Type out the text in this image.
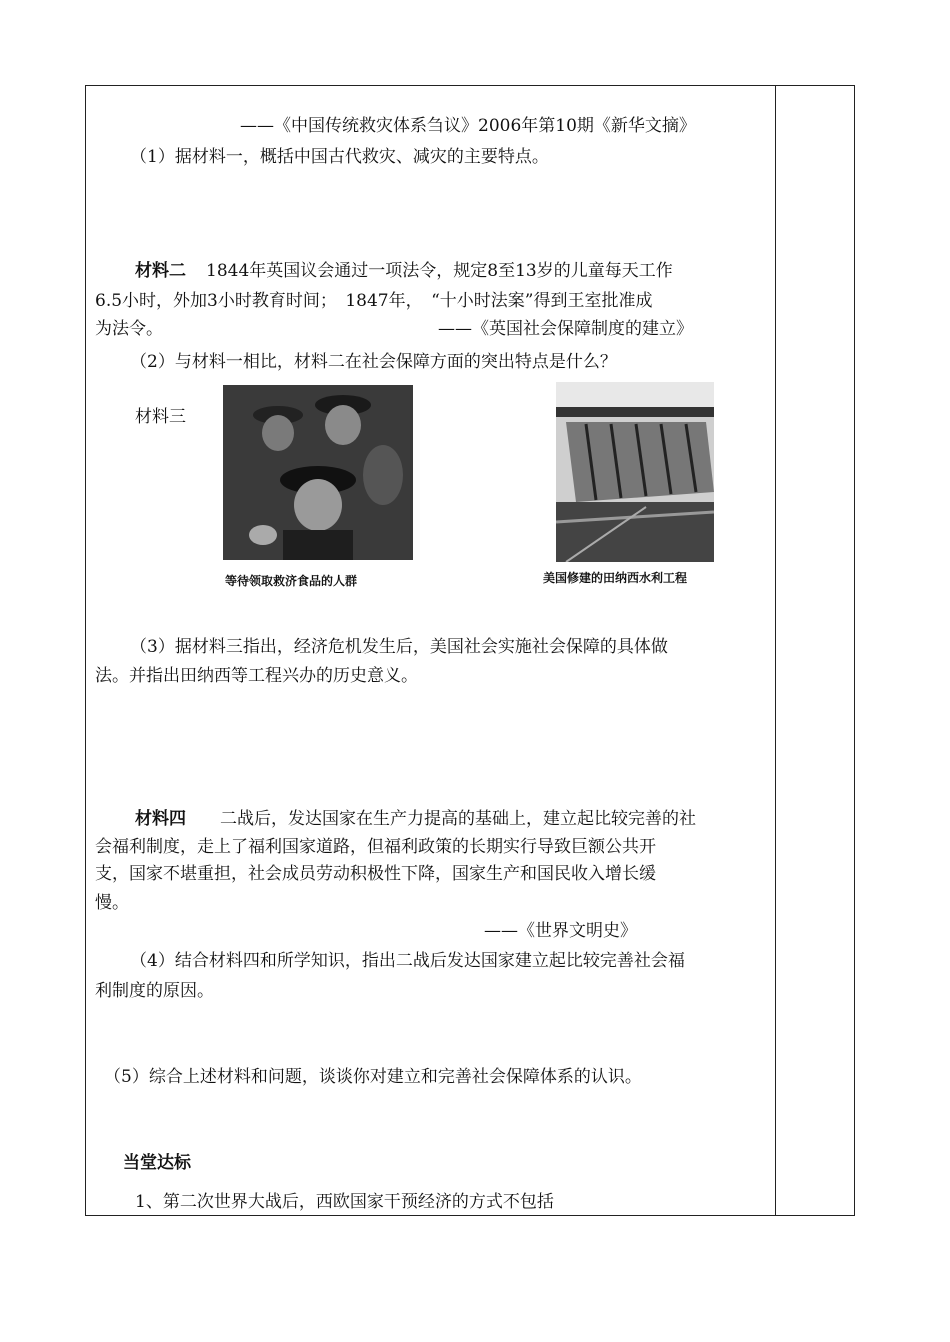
——《中国传统救灾体系刍议》2006年第10期《新华文摘》
（1）据材料一，概括中国古代救灾、减灾的主要特点。
材料二 1844年英国议会通过一项法令，规定8至13岁的儿童每天工作
6.5小时，外加3小时教育时间；　1847年，　“十小时法案”得到王室批准成
为法令。	——《英国社会保障制度的建立》
（2）与材料一相比，材料二在社会保障方面的突出特点是什么？
材料三
等待领取救济食品的人群	美国修建的田纳西水利工程
（3）据材料三指出，经济危机发生后，美国社会实施社会保障的具体做
法。并指出田纳西等工程兴办的历史意义。
材料四 二战后，发达国家在生产力提高的基础上，建立起比较完善的社
会福利制度，走上了福利国家道路，但福利政策的长期实行导致巨额公共开
支，国家不堪重担，社会成员劳动积极性下降，国家生产和国民收入增长缓
慢。
——《世界文明史》
（4）结合材料四和所学知识，指出二战后发达国家建立起比较完善社会福
利制度的原因。
（5）综合上述材料和问题，谈谈你对建立和完善社会保障体系的认识。
当堂达标
1、第二次世界大战后，西欧国家干预经济的方式不包括
